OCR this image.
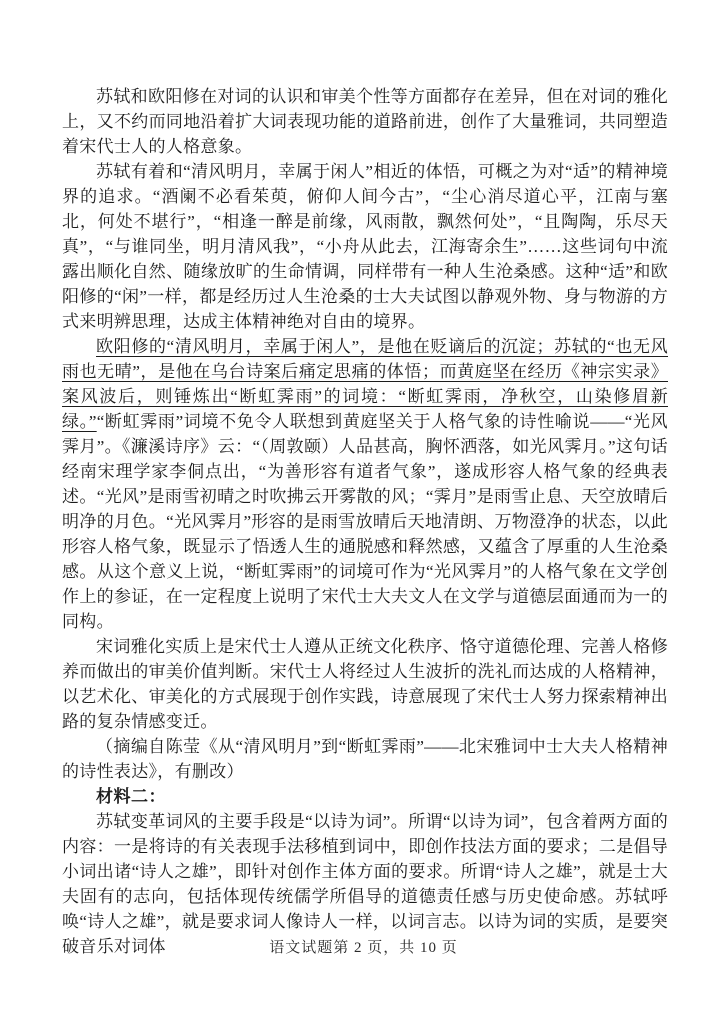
苏轼和欧阳修在对词的认识和审美个性等方面都存在差异，但在对词的雅化上，又不约而同地沿着扩大词表现功能的道路前进，创作了大量雅词，共同塑造着宋代士人的人格意象。

苏轼有着和“清风明月，幸属于闲人”相近的体悟，可概之为对“适”的精神境界的追求。“酒阑不必看茱萸，俯仰人间今古”，“尘心消尽道心平，江南与塞北，何处不堪行”，“相逢一醉是前缘，风雨散，飘然何处”，“且陶陶，乐尽天真”，“与谁同坐，明月清风我”，“小舟从此去，江海寄余生”……这些词句中流露出顺化自然、随缘放旷的生命情调，同样带有一种人生沧桑感。这种“适”和欧阳修的“闲”一样，都是经历过人生沧桑的士大夫试图以静观外物、身与物游的方式来明辨思理，达成主体精神绝对自由的境界。

欧阳修的“清风明月，幸属于闲人”，是他在贬谪后的沉淀；苏轼的“也无风雨也无晴”，是他在乌台诗案后痛定思痛的体悟；而黄庭坚在经历《神宗实录》案风波后，则锤炼出“断虹霁雨”的词境：“断虹霁雨，净秋空，山染修眉新绿。”“断虹霁雨”词境不免令人联想到黄庭坚关于人格气象的诗性喻说——“光风霁月”。《濂溪诗序》云：“（周敦颐）人品甚高，胸怀洒落，如光风霁月。”这句话经南宋理学家李侗点出，“为善形容有道者气象”，遂成形容人格气象的经典表述。“光风”是雨雪初晴之时吹拂云开雾散的风；“霁月”是雨雪止息、天空放晴后明净的月色。“光风霁月”形容的是雨雪放晴后天地清朗、万物澄净的状态，以此形容人格气象，既显示了悟透人生的通脱感和释然感，又蕴含了厚重的人生沧桑感。从这个意义上说，“断虹霁雨”的词境可作为“光风霁月”的人格气象在文学创作上的参证，在一定程度上说明了宋代士大夫文人在文学与道德层面通而为一的同构。

宋词雅化实质上是宋代士人遵从正统文化秩序、恪守道德伦理、完善人格修养而做出的审美价值判断。宋代士人将经过人生波折的洗礼而达成的人格精神，以艺术化、审美化的方式展现于创作实践，诗意展现了宋代士人努力探索精神出路的复杂情感变迁。

（摘编自陈莹《从“清风明月”到“断虹霁雨”——北宋雅词中士大夫人格精神的诗性表达》，有删改）

材料二：

苏轼变革词风的主要手段是“以诗为词”。所谓“以诗为词”，包含着两方面的内容：一是将诗的有关表现手法移植到词中，即创作技法方面的要求；二是倡导小词出诸“诗人之雄”，即针对创作主体方面的要求。所谓“诗人之雄”，就是士大夫固有的志向，包括体现传统儒学所倡导的道德责任感与历史使命感。苏轼呼唤“诗人之雄”，就是要求词人像诗人一样，以词言志。以诗为词的实质，是要突破音乐对词体	语文试题第 2 页，共 10 页
